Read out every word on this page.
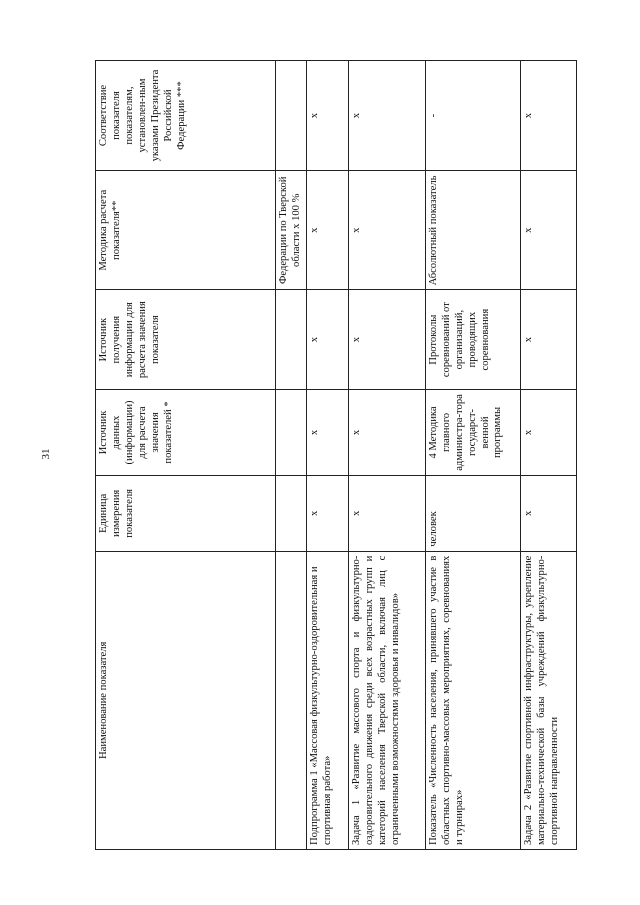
31
Наименование показателя	Единица измерения показателя	Источник данных (информации) для расчета значения показателей *	Источник получения информации для расчета значения показателя	Методика расчета показателя**	Соответствие показателя показателям, установлен-ным указами Президента Российской Федерации ***
				Федерации по Тверской области х 100 %	
Подпрограмма 1 «Массовая физкультурно-оздоровительная и спортивная работа»	х	х	х	х	х
Задача 1 «Развитие массового спорта и физкультурно-оздоровительного движения среди всех возрастных групп и категорий населения Тверской области, включая лиц с ограниченными возможностями здоровья и инвалидов»	х	х	х	х	х
Показатель «Численность населения, принявшего участие в областных спортивно-массовых мероприятиях, соревнованиях и турнирах»	человек	4 Методика главного администра-тора государст-венной программы	Протоколы соревнований от организаций, проводящих соревнования	Абсолютный показатель	-
Задача 2 «Развитие спортивной инфраструктуры, укрепление материально-технической базы учреждений физкультурно-спортивной направленности	х	х	х	х	х
